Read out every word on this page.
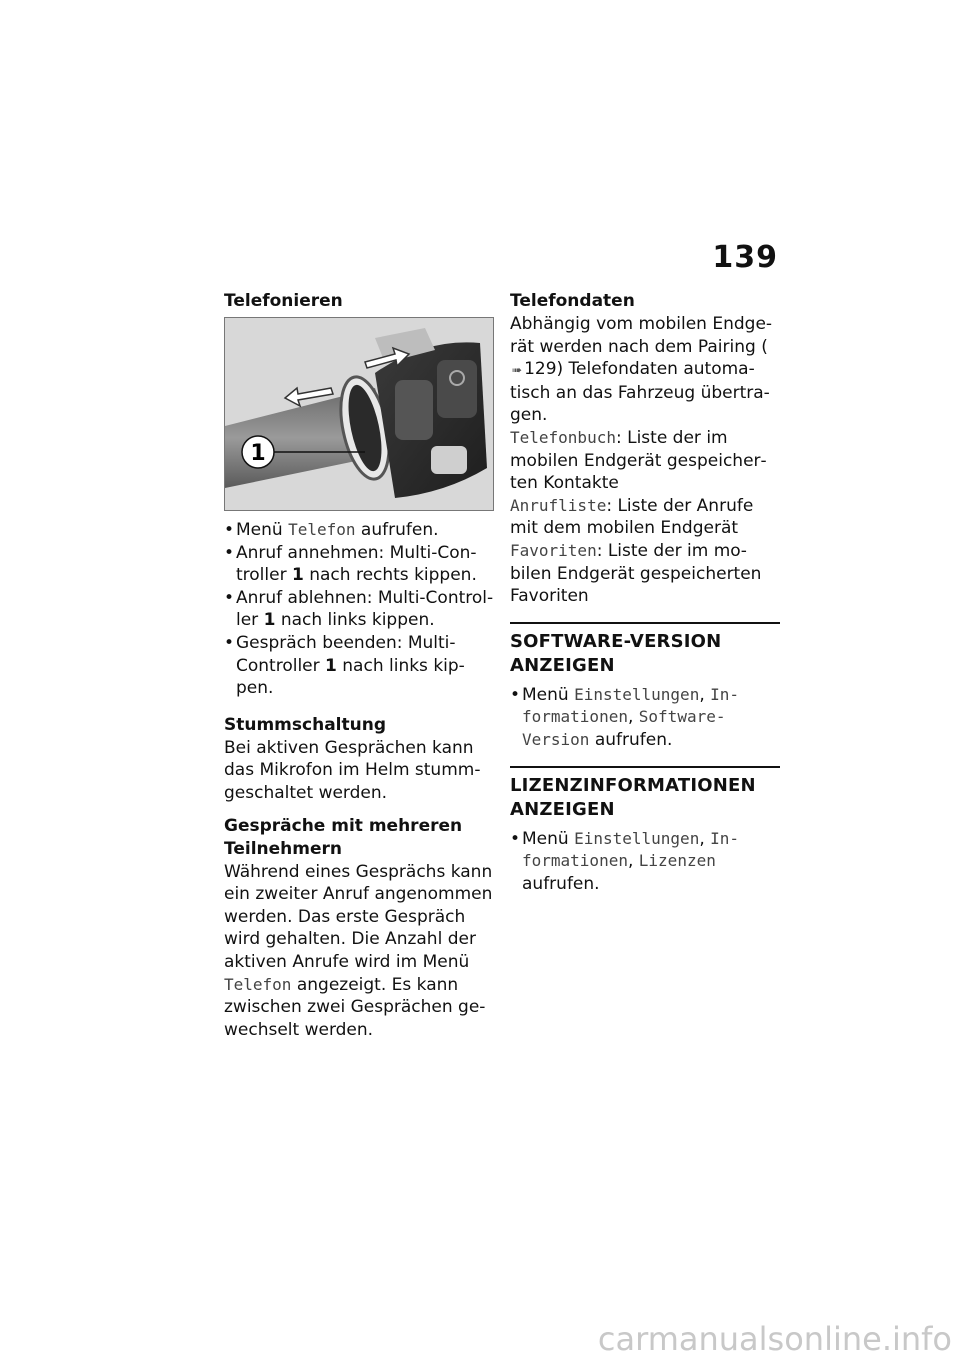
139
Telefonieren
1
• Menü Telefon aufrufen.
• Anruf annehmen: Multi-Con-
troller 1 nach rechts kippen.
• Anruf ablehnen: Multi-Control-
ler 1 nach links kippen.
• Gespräch beenden: Multi-
Controller 1 nach links kip-
pen.
Stummschaltung

Bei aktiven Gesprächen kann das Mikrofon im Helm stummgeschaltet werden.

Gespräche mit mehreren
Teilnehmern

Während eines Gesprächs kann ein zweiter Anruf angenommen werden. Das erste Gespräch wird gehalten. Die Anzahl der aktiven Anrufe wird im Menü Telefon angezeigt. Es kann zwischen zwei Gesprächen gewechselt werden.

Telefondaten

Abhängig vom mobilen Endgerät werden nach dem Pairing (➠ 129) Telefondaten automatisch an das Fahrzeug übertragen.

Telefonbuch: Liste der im mobilen Endgerät gespeicherten Kontakte

Anrufliste: Liste der Anrufe mit dem mobilen Endgerät

Favoriten: Liste der im mobilen Endgerät gespeicherten Favoriten

SOFTWARE-VERSION ANZEIGEN
• Menü Einstellungen, Informationen, Software-Version aufrufen.
LIZENZINFORMATIONEN ANZEIGEN
• Menü Einstellungen, Informationen, Lizenzen aufrufen.
carmanualsonline.info
